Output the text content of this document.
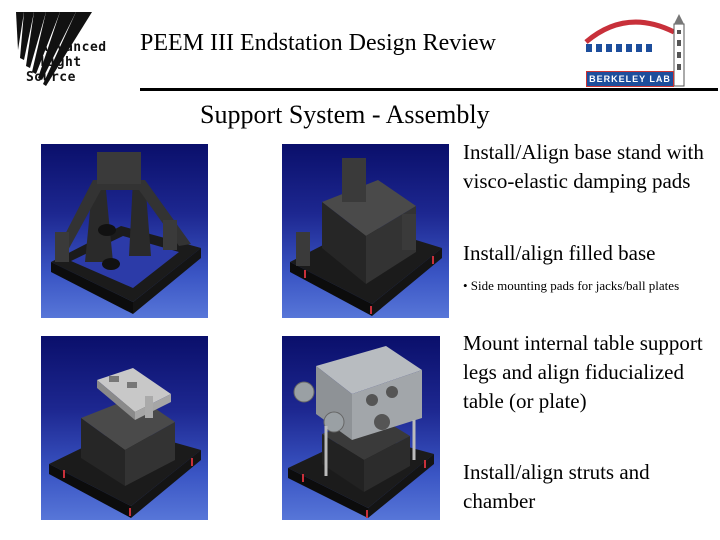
Advanced
Light
Source
PEEM III Endstation Design Review
BERKELEY LAB
Support System - Assembly
Install/Align base stand with visco-elastic damping pads
Install/align filled base
• Side mounting pads for jacks/ball plates
Mount internal table support legs and align fiducialized table (or plate)
Install/align struts and chamber
